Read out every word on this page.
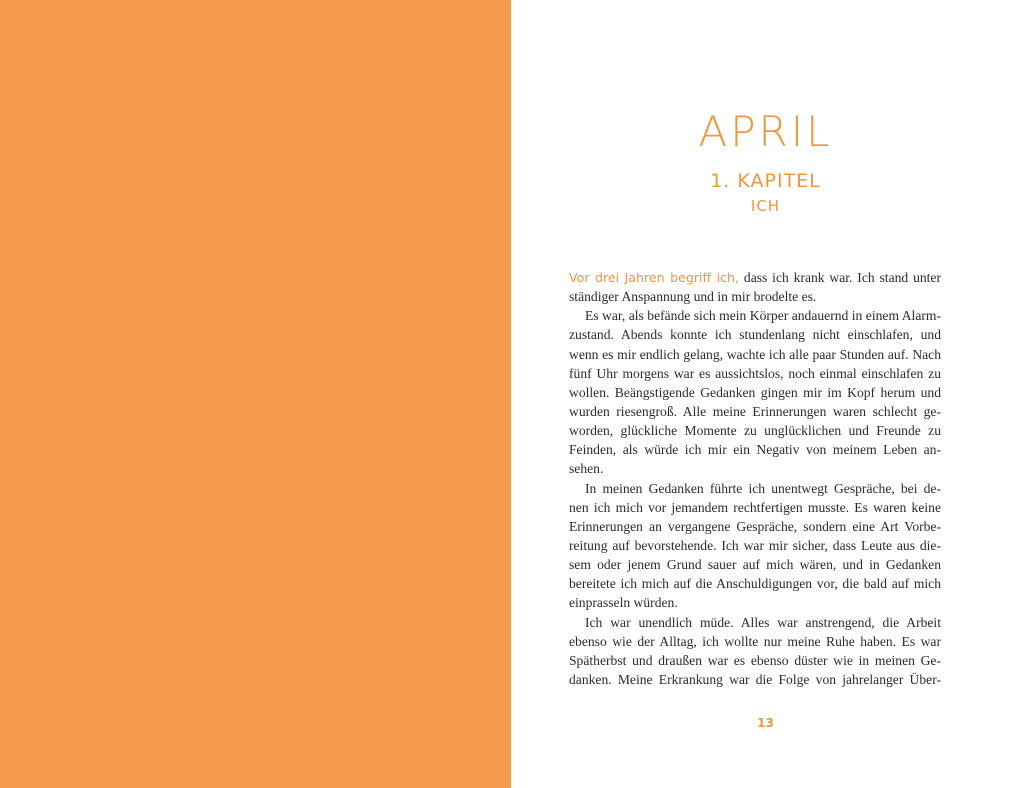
APRIL
1. KAPITEL
ICH
Vor drei Jahren begriff ich, dass ich krank war. Ich stand unter
ständiger Anspannung und in mir brodelte es.
Es war, als befände sich mein Körper andauernd in einem Alarm-
zustand. Abends konnte ich stundenlang nicht einschlafen, und
wenn es mir endlich gelang, wachte ich alle paar Stunden auf. Nach
fünf Uhr morgens war es aussichtslos, noch einmal einschlafen zu
wollen. Beängstigende Gedanken gingen mir im Kopf herum und
wurden riesengroß. Alle meine Erinnerungen waren schlecht ge-
worden, glückliche Momente zu unglücklichen und Freunde zu
Feinden, als würde ich mir ein Negativ von meinem Leben an-
sehen.
In meinen Gedanken führte ich unentwegt Gespräche, bei de-
nen ich mich vor jemandem rechtfertigen musste. Es waren keine
Erinnerungen an vergangene Gespräche, sondern eine Art Vorbe-
reitung auf bevorstehende. Ich war mir sicher, dass Leute aus die-
sem oder jenem Grund sauer auf mich wären, und in Gedanken
bereitete ich mich auf die Anschuldigungen vor, die bald auf mich
einprasseln würden.
Ich war unendlich müde. Alles war anstrengend, die Arbeit
ebenso wie der Alltag, ich wollte nur meine Ruhe haben. Es war
Spätherbst und draußen war es ebenso düster wie in meinen Ge-
danken. Meine Erkrankung war die Folge von jahrelanger Über-
13
